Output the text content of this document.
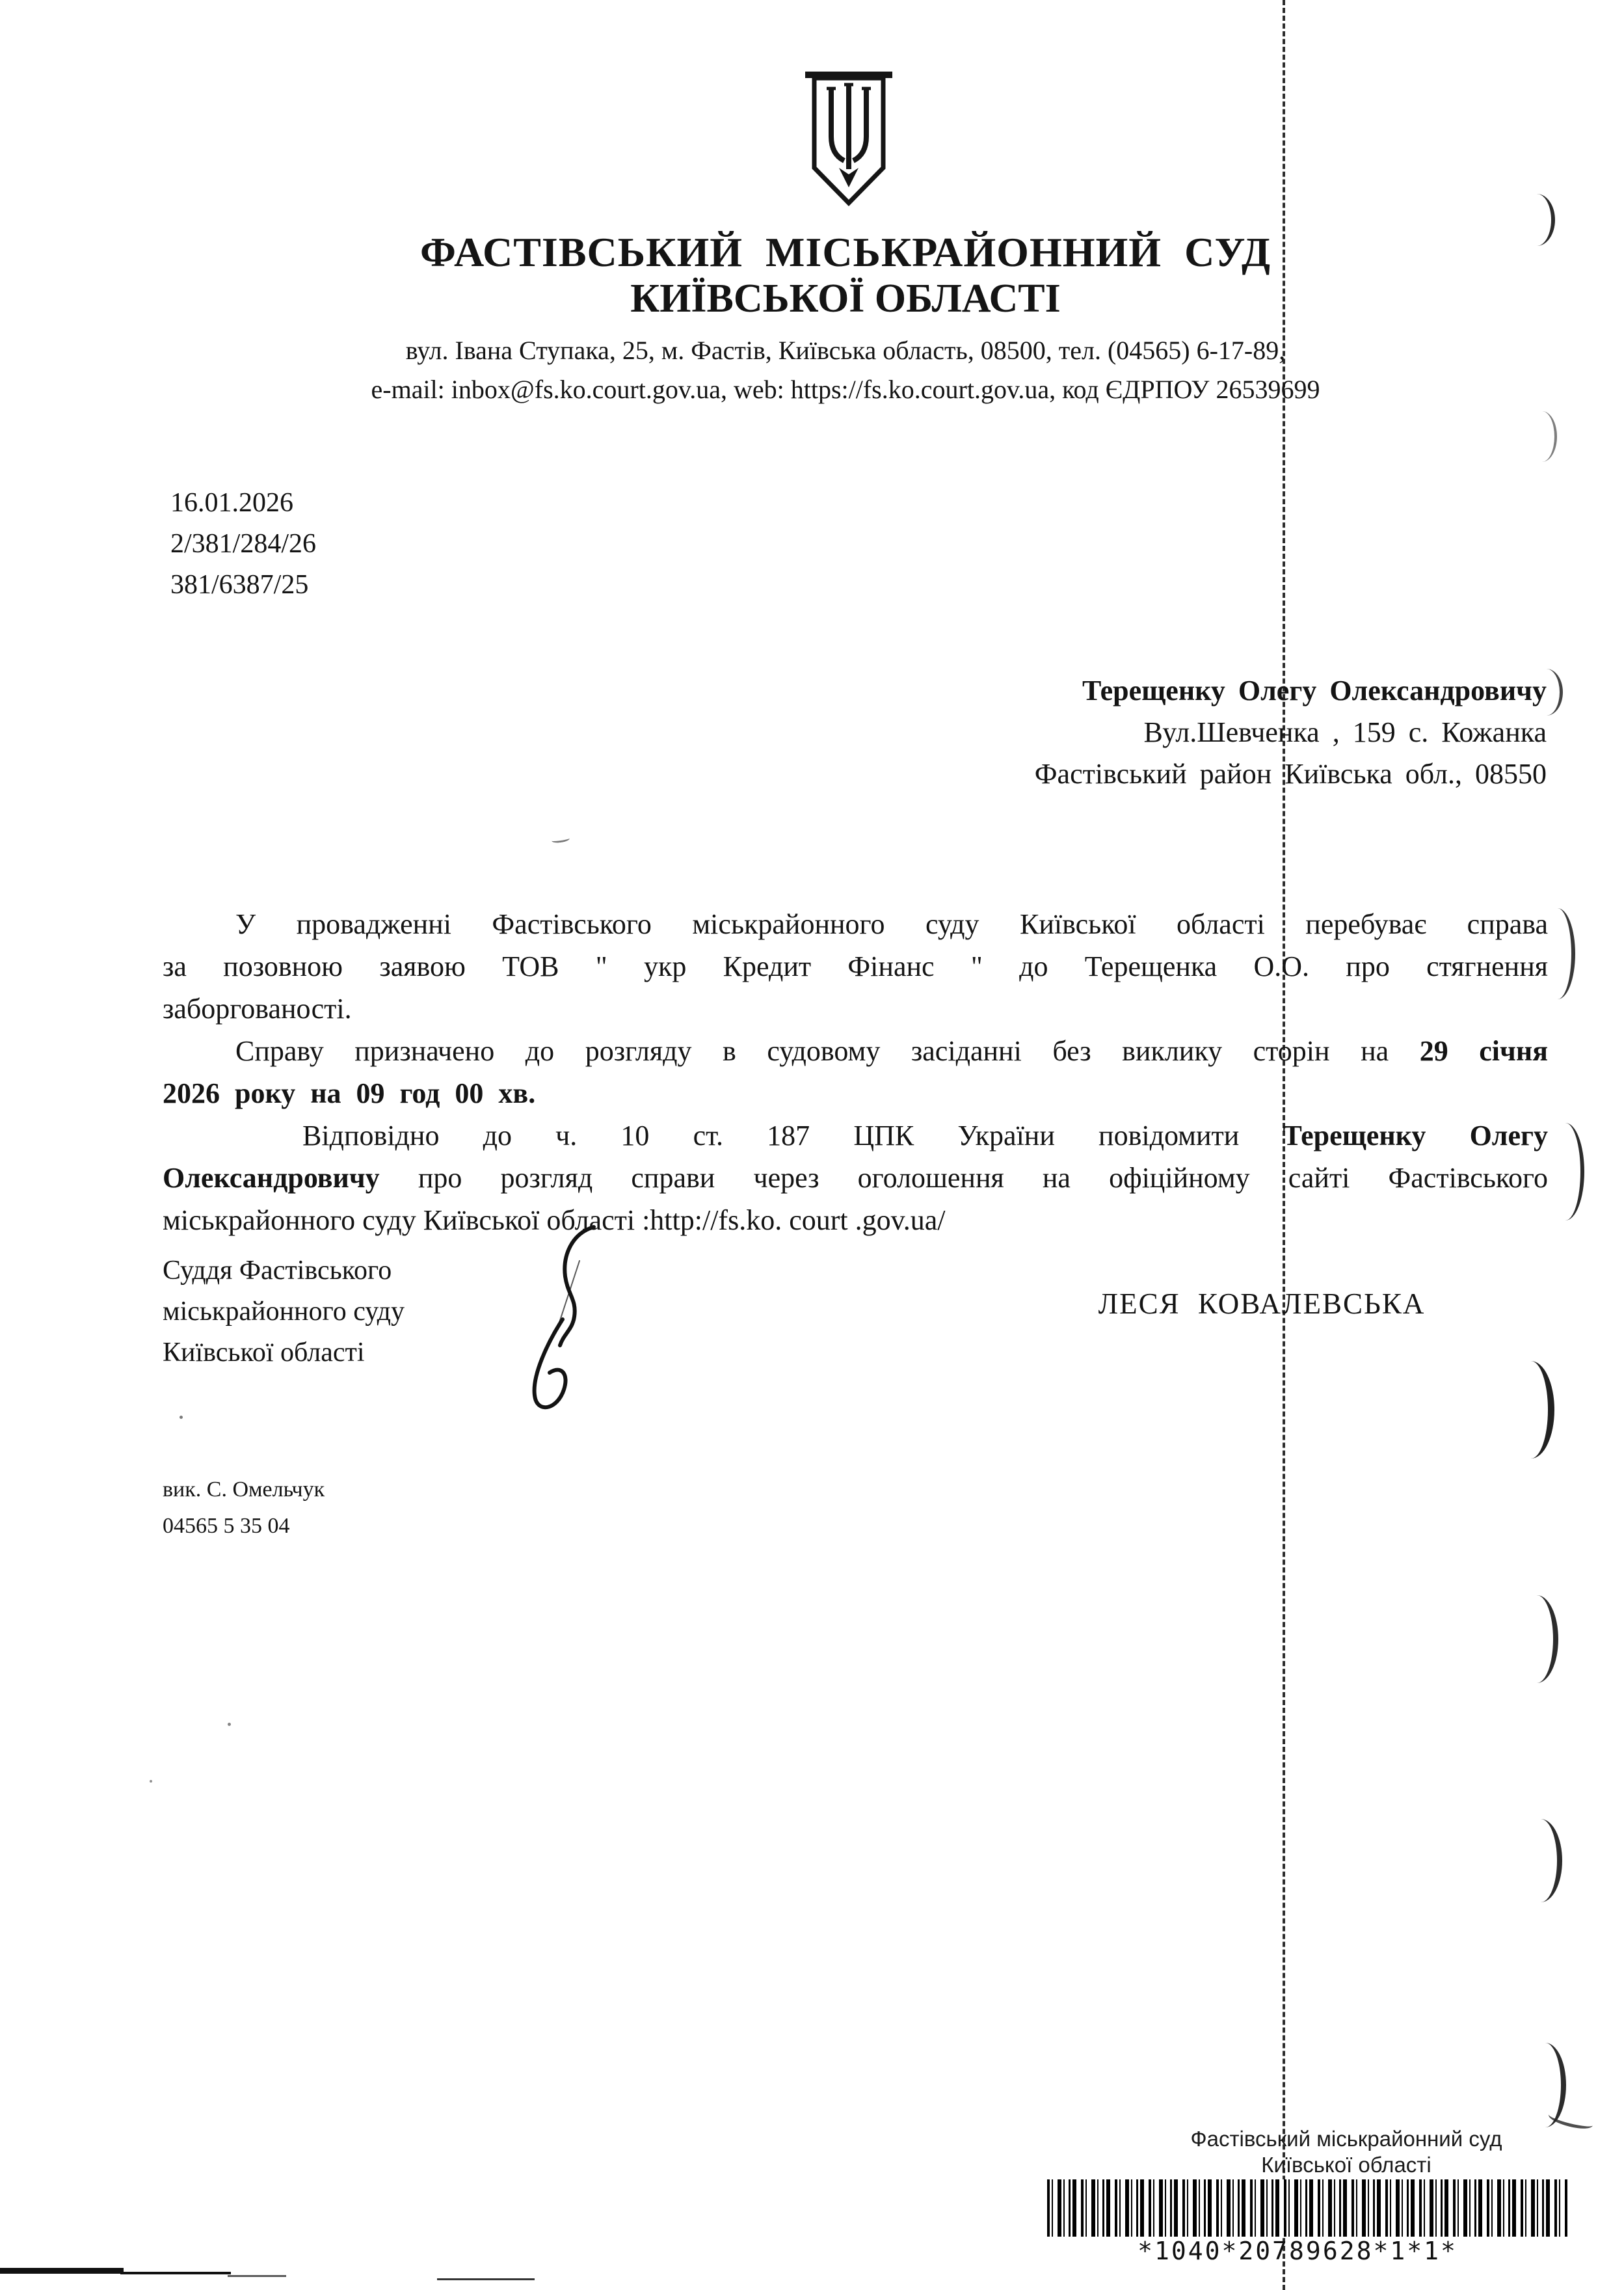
ФАСТІВСЬКИЙ МІСЬКРАЙОННИЙ СУД
КИЇВСЬКОЇ ОБЛАСТІ
вул. Івана Ступака, 25, м. Фастів, Київська область, 08500, тел. (04565) 6-17-89,
e-mail: inbox@fs.ko.court.gov.ua, web: https://fs.ko.court.gov.ua, код ЄДРПОУ 26539699
16.01.2026
2/381/284/26
381/6387/25
Терещенку Олегу Олександровичу
Вул.Шевченка , 159 с. Кожанка
Фастівський район Київська обл., 08550
У провадженні Фастівського міськрайонного суду Київської області перебуває справа
за позовною заявою ТОВ " укр Кредит Фінанс " до Терещенка О.О. про стягнення
заборгованості.
Справу призначено до розгляду в судовому засіданні без виклику сторін на 29 січня
2026 року на 09 год 00 хв.
Відповідно до ч. 10 ст. 187 ЦПК України повідомити Терещенку Олегу
Олександровичу про розгляд справи через оголошення на офіційному сайті Фастівського
міськрайонного суду Київської області :http://fs.ko. court .gov.ua/
Суддя Фастівського
міськрайонного суду
Київської області
ЛЕСЯ КОВАЛЕВСЬКА
вик. С. Омельчук
04565 5 35 04
Фастівський міськрайонний суд
Київської області
*1040*20789628*1*1*
